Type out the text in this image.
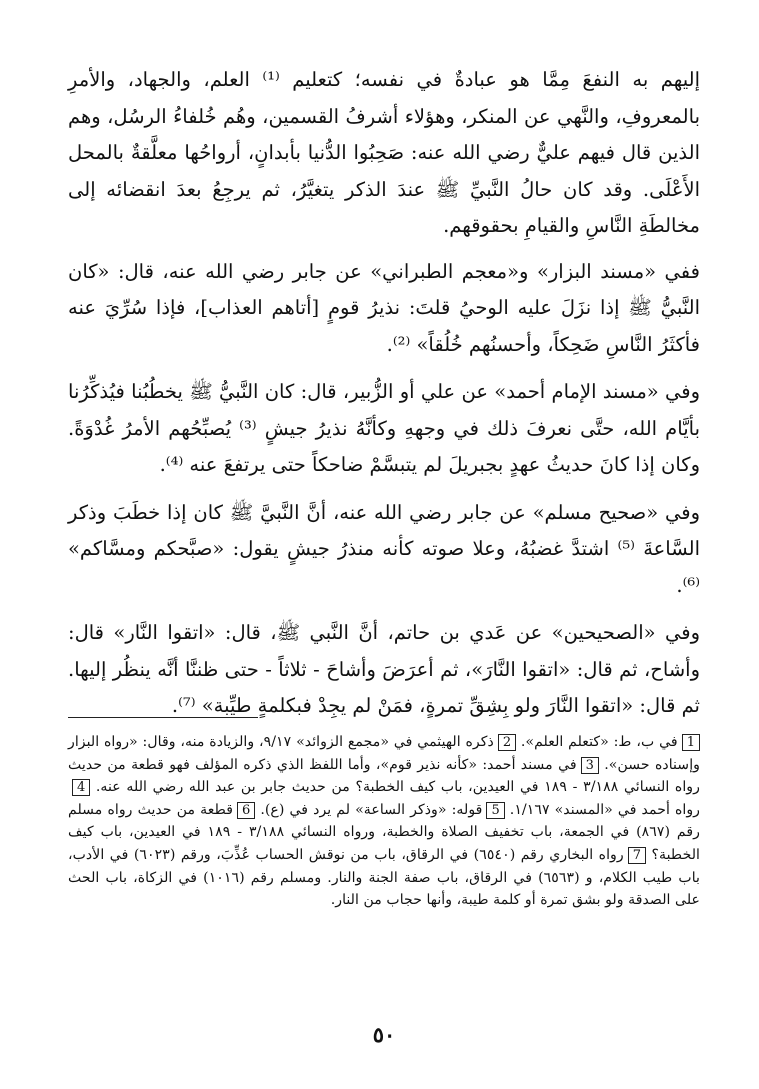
إليهم به النفعَ مِمَّا هو عبادةٌ في نفسه؛ كتعليم ⁽¹⁾ العلم، والجهاد، والأمرِ بالمعروفِ، والنَّهي عن المنكر، وهؤلاء أشرفُ القسمين، وهُم خُلفاءُ الرسُل، وهم الذين قال فيهم عليٌّ رضي الله عنه: صَحِبُوا الدُّنيا بأبدانٍ، أرواحُها معلَّقةٌ بالمحل الأَعْلَى. وقد كان حالُ النَّبيِّ ﷺ عندَ الذكر يتغيَّرُ، ثم يرجِعُ بعدَ انقضائه إلى مخالطَةِ النَّاسِ والقيامِ بحقوقهم.
ففي «مسند البزار» و«معجم الطبراني» عن جابر رضي الله عنه، قال: «كان النَّبيُّ ﷺ إذا نزَلَ عليه الوحيُ قلتَ: نذيرُ قومٍ [أتاهم العذاب]، فإذا سُرِّيَ عنه فأكثَرُ النَّاسِ ضَحِكاً، وأحسنُهم خُلُقاً» ⁽²⁾.
وفي «مسند الإمام أحمد» عن علي أو الزُّبير، قال: كان النَّبيُّ ﷺ يخطُبُنا فيُذكِّرُنا بأيَّام الله، حتَّى نعرفَ ذلك في وجههِ وكأنَّهُ نذيرُ جيشٍ ⁽³⁾ يُصبِّحُهم الأمرُ غُدْوَةً. وكان إذا كانَ حديثُ عهدٍ بجبريلَ لم يتبسَّمْ ضاحكاً حتى يرتفعَ عنه ⁽⁴⁾.
وفي «صحيح مسلم» عن جابر رضي الله عنه، أنَّ النَّبيَّ ﷺ كان إذا خطَبَ وذكر السَّاعةَ ⁽⁵⁾ اشتدَّ غضبُهُ، وعلا صوته كأنه منذرُ جيشٍ يقول: «صبَّحكم ومسَّاكم» ⁽⁶⁾.
وفي «الصحيحين» عن عَدي بن حاتم، أنَّ النَّبي ﷺ، قال: «اتقوا النَّار» قال: وأشاح، ثم قال: «اتقوا النَّارَ»، ثم أعرَضَ وأشاحَ - ثلاثاً - حتى ظننَّا أنَّه ينظُر إليها. ثم قال: «اتقوا النَّارَ ولو بِشِقِّ تمرةٍ، فمَنْ لم يجِدْ فبكلمةٍ طيِّبة» ⁽⁷⁾.
1في ب، ط: «كتعلم العلم». 2ذكره الهيثمي في «مجمع الزوائد» ٩/١٧، والزيادة منه، وقال: «رواه البزار وإسناده حسن». 3في مسند أحمد: «كأنه نذير قوم»، وأما اللفظ الذي ذكره المؤلف فهو قطعة من حديث رواه النسائي ٣/١٨٨ - ١٨٩ في العيدين، باب كيف الخطبة؟ من حديث جابر بن عبد الله رضي الله عنه. 4رواه أحمد في «المسند» ١/١٦٧. 5قوله: «وذكر الساعة» لم يرد في (ع). 6قطعة من حديث رواه مسلم رقم (٨٦٧) في الجمعة، باب تخفيف الصلاة والخطبة، ورواه النسائي ٣/١٨٨ - ١٨٩ في العيدين، باب كيف الخطبة؟ 7رواه البخاري رقم (٦٥٤٠) في الرقاق، باب من نوقش الحساب عُذِّبَ، ورقم (٦٠٢٣) في الأدب، باب طيب الكلام، و (٦٥٦٣) في الرقاق، باب صفة الجنة والنار. ومسلم رقم (١٠١٦) في الزكاة، باب الحث على الصدقة ولو بشق تمرة أو كلمة طيبة، وأنها حجاب من النار.
٥٠
